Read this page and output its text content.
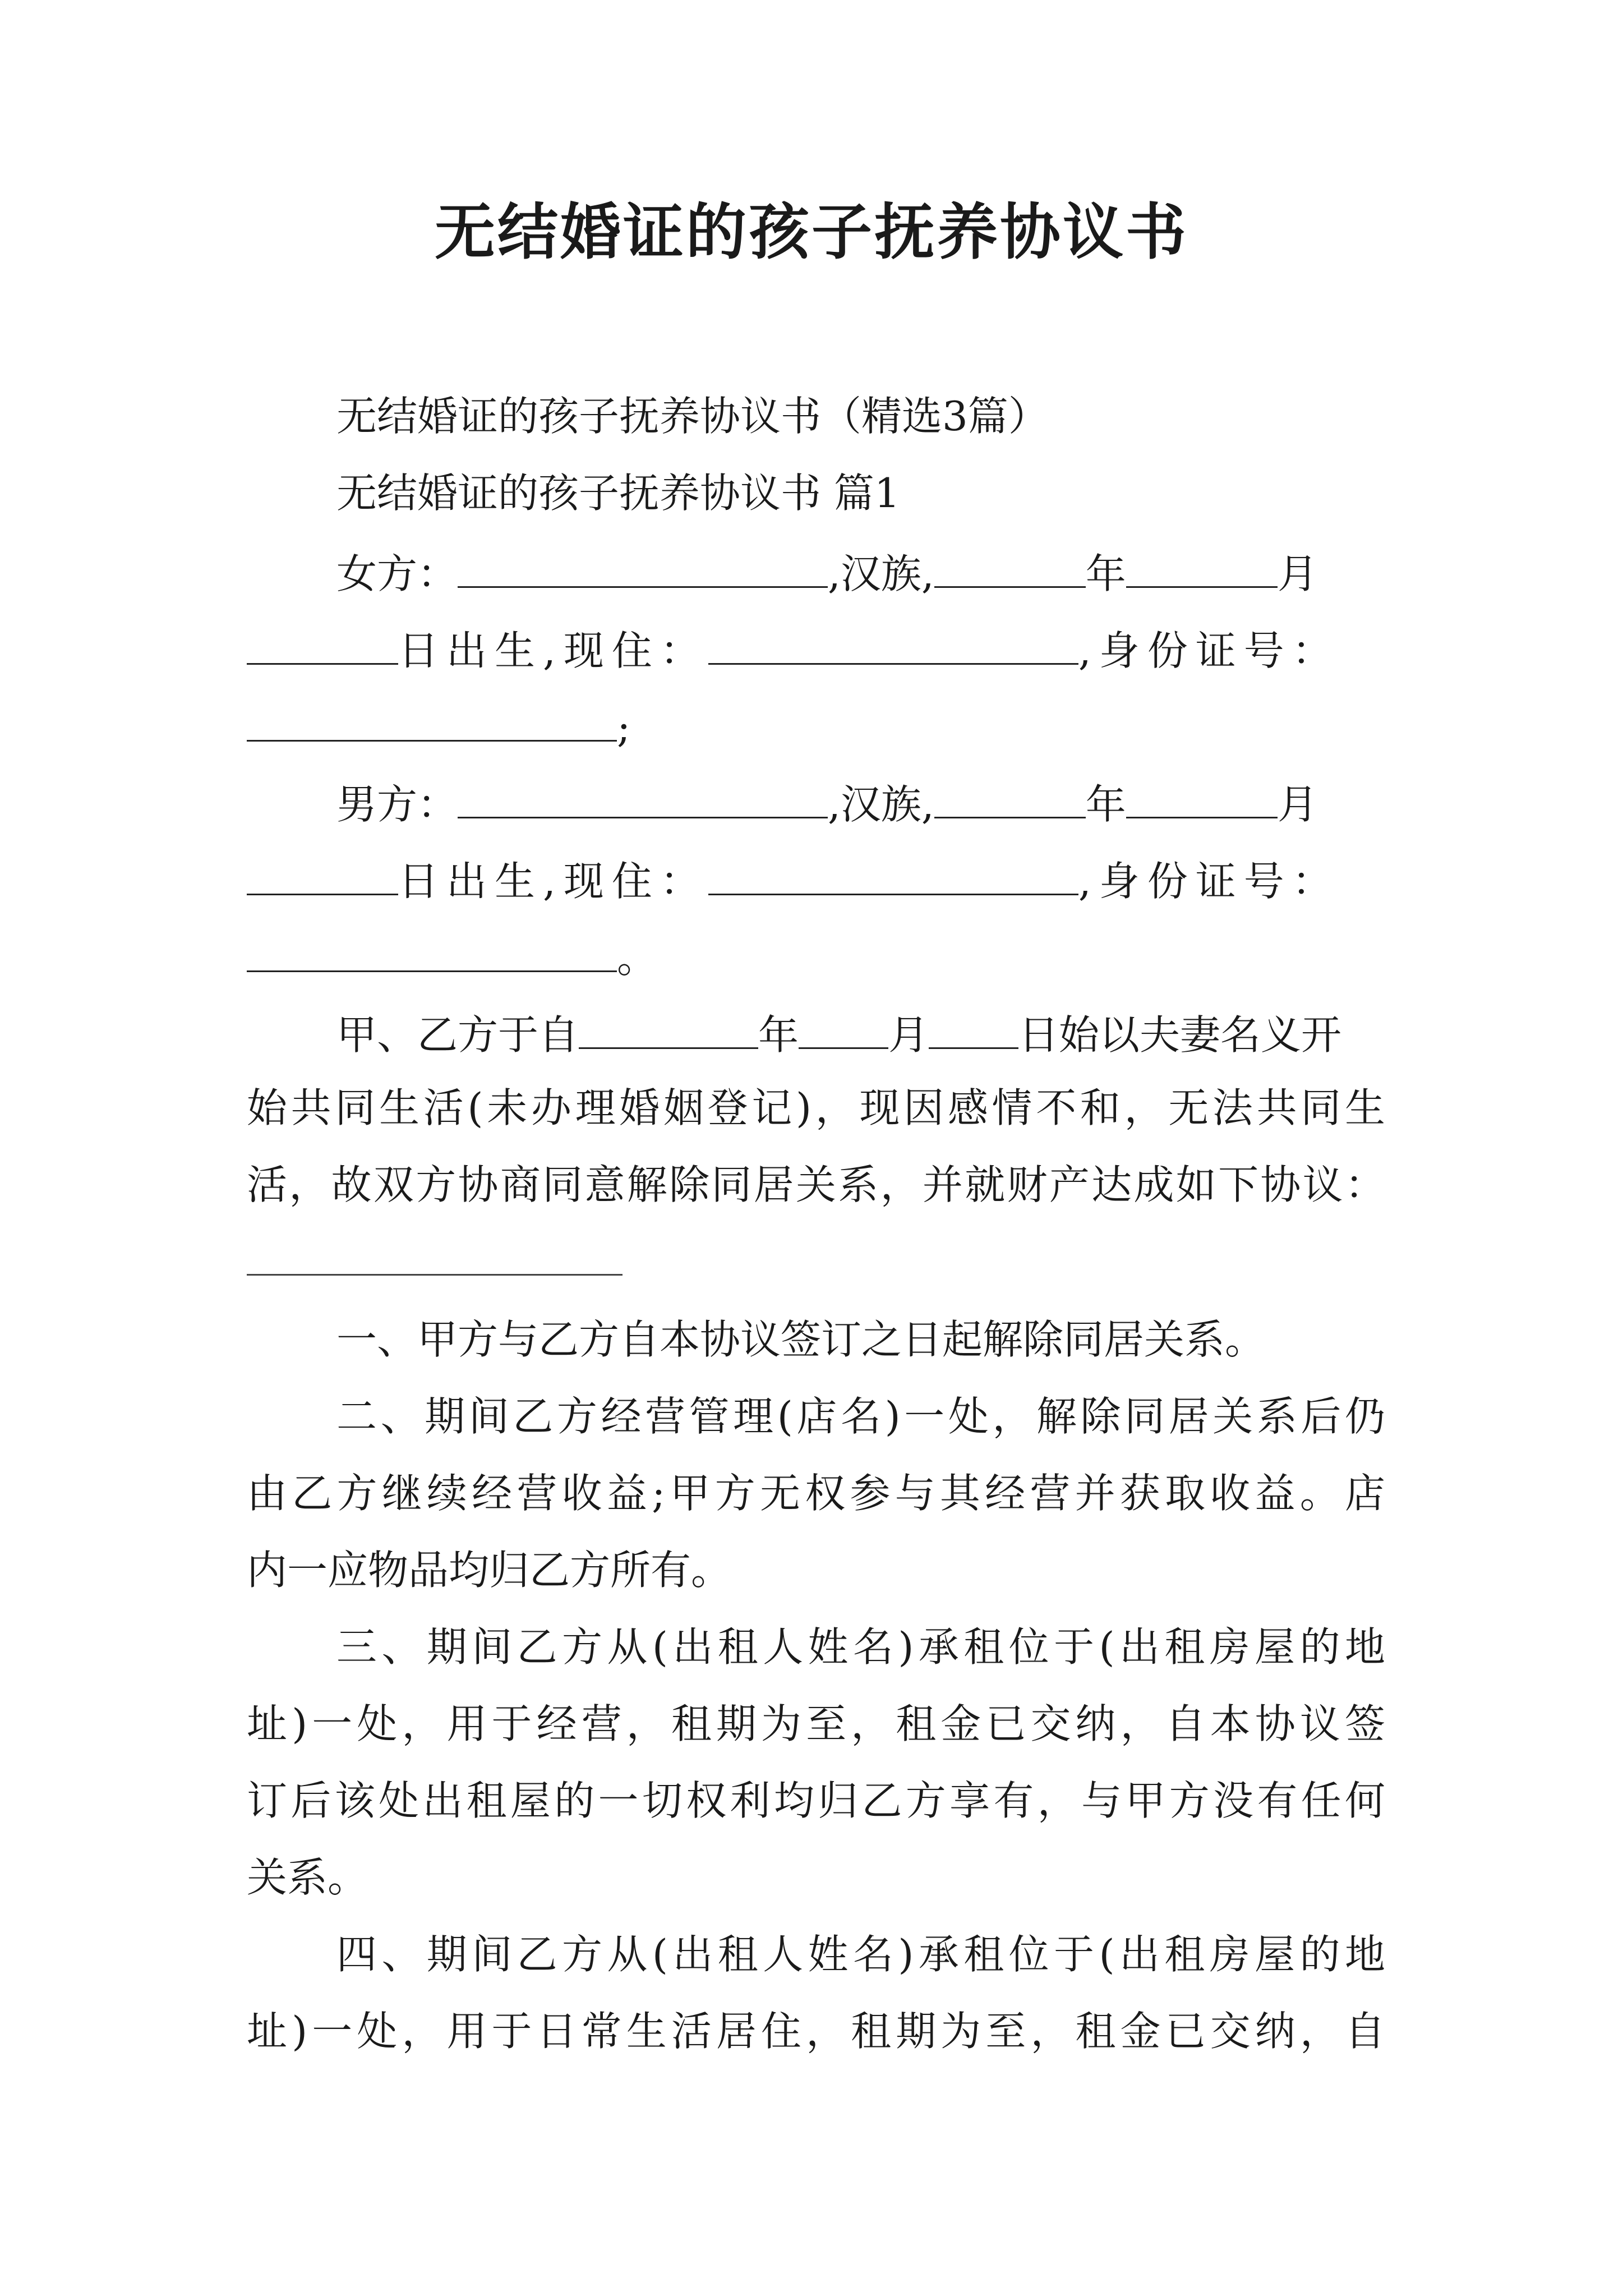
无结婚证的孩子抚养协议书
无结婚证的孩子抚养协议书（精选3篇）
无结婚证的孩子抚养协议书 篇1
女方：	,汉族,	年	月
日出生,现住：	,身份证号：
;
男方：	,汉族,	年	月
日出生,现住：	,身份证号：
。
甲、乙方于自	年 月 日始以夫妻名义开
始共同生活(未办理婚姻登记)，现因感情不和，无法共同生
活，故双方协商同意解除同居关系，并就财产达成如下协议：
一、甲方与乙方自本协议签订之日起解除同居关系。
二、期间乙方经营管理(店名)一处，解除同居关系后仍
由乙方继续经营收益;甲方无权参与其经营并获取收益。店
内一应物品均归乙方所有。
三、期间乙方从(出租人姓名)承租位于(出租房屋的地
址)一处，用于经营，租期为至，租金已交纳，自本协议签
订后该处出租屋的一切权利均归乙方享有，与甲方没有任何
关系。
四、期间乙方从(出租人姓名)承租位于(出租房屋的地
址)一处，用于日常生活居住，租期为至，租金已交纳，自
